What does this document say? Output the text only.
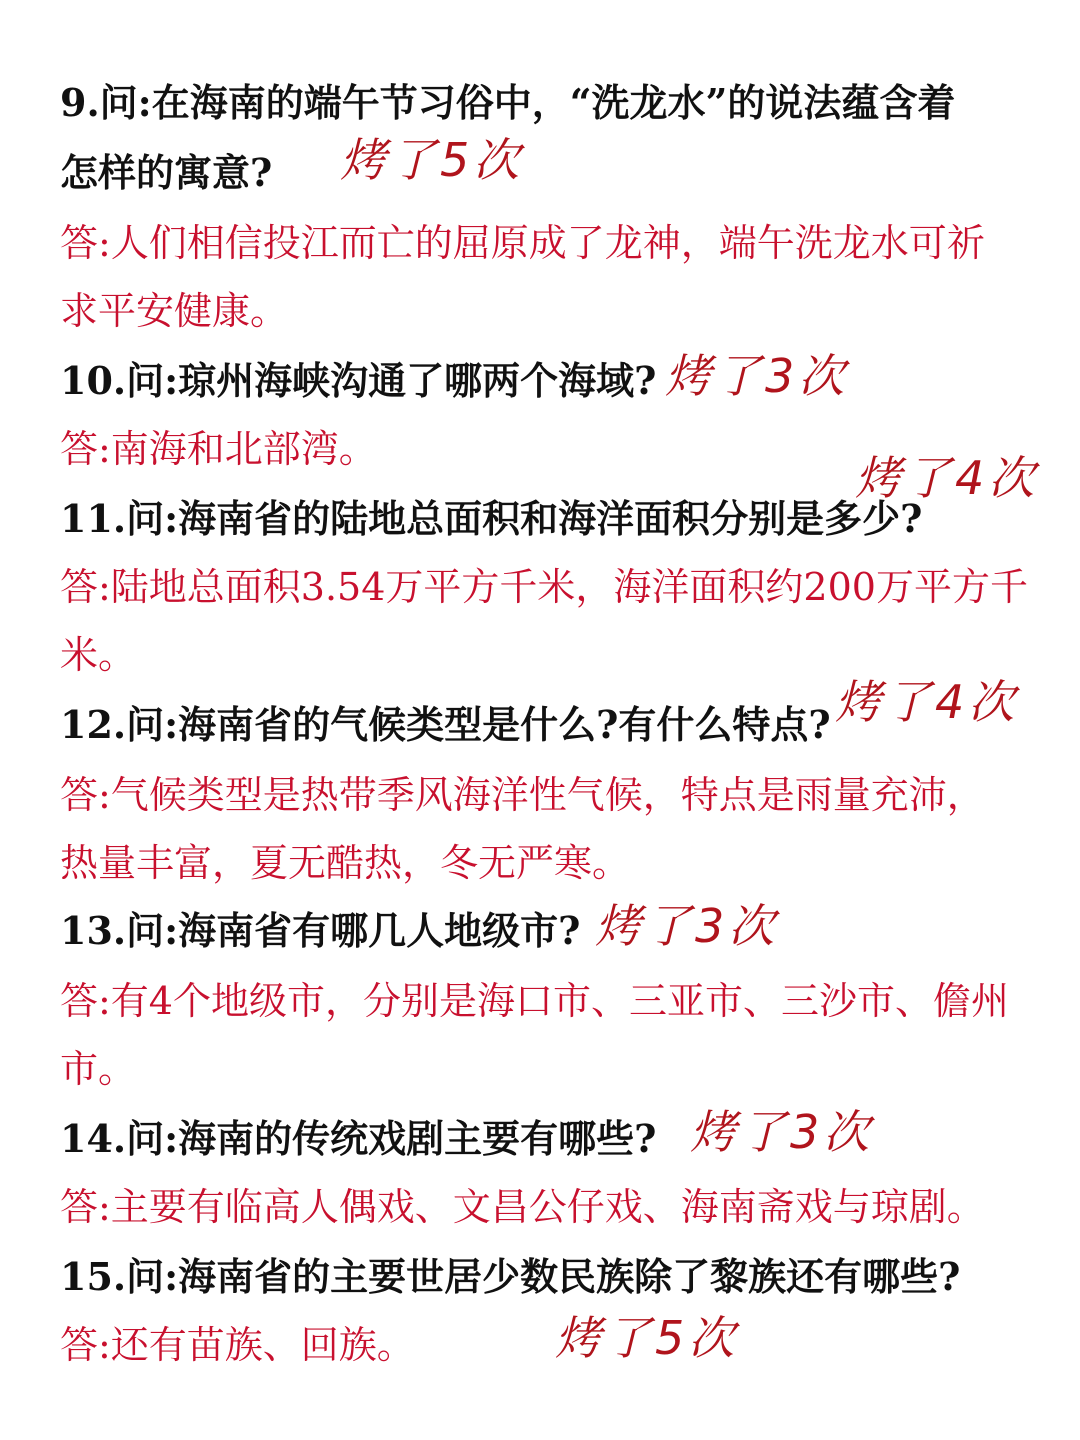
9.问:在海南的端午节习俗中，“洗龙水”的说法蕴含着
怎样的寓意?
答:人们相信投江而亡的屈原成了龙神，端午洗龙水可祈
求平安健康。
10.问:琼州海峡沟通了哪两个海域?
答:南海和北部湾。
11.问:海南省的陆地总面积和海洋面积分别是多少?
答:陆地总面积3.54万平方千米，海洋面积约200万平方千
米。
12.问:海南省的气候类型是什么?有什么特点?
答:气候类型是热带季风海洋性气候，特点是雨量充沛，
热量丰富，夏无酷热，冬无严寒。
13.问:海南省有哪几人地级市?
答:有4个地级市，分别是海口市、三亚市、三沙市、儋州
市。
14.问:海南的传统戏剧主要有哪些?
答:主要有临高人偶戏、文昌公仔戏、海南斋戏与琼剧。
15.问:海南省的主要世居少数民族除了黎族还有哪些?
答:还有苗族、回族。
烤了5次
烤了3次
烤了4次
烤了4次
烤了3次
烤了3次
烤了5次
